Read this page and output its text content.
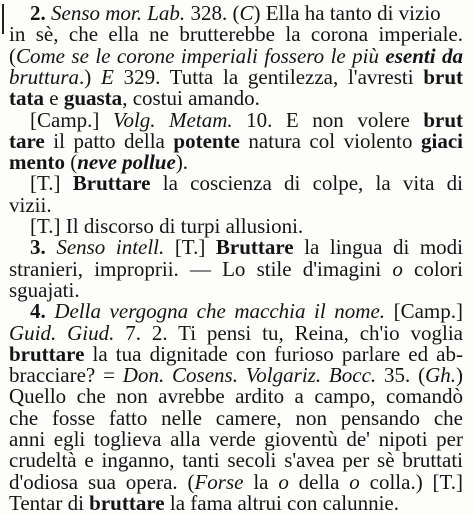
2. Senso mor. Lab. 328. (C) Ella ha tanto di vizio
in sè, che ella ne brutterebbe la corona imperiale.
(Come se le corone imperiali fossero le più esenti da
bruttura.) E 329. Tutta la gentilezza, l'avresti brut
tata e guasta, costui amando.
[Camp.] Volg. Metam. 10. E non volere brut
tare il patto della potente natura col violento giaci
mento (neve pollue).
[T.] Bruttare la coscienza di colpe, la vita di
vizii.
[T.] Il discorso di turpi allusioni.
3. Senso intell. [T.] Bruttare la lingua di modi
stranieri, improprii. — Lo stile d'imagini o colori
sguajati.
4. Della vergogna che macchia il nome. [Camp.]
Guid. Giud. 7. 2. Ti pensi tu, Reina, ch'io voglia
bruttare la tua dignitade con furioso parlare ed ab-
bracciare? = Don. Cosens. Volgariz. Bocc. 35. (Gh.)
Quello che non avrebbe ardito a campo, comandò
che fosse fatto nelle camere, non pensando che
anni egli toglieva alla verde gioventù de' nipoti per
crudeltà e inganno, tanti secoli s'avea per sè bruttati
d'odiosa sua opera. (Forse la o della o colla.) [T.]
Tentar di bruttare la fama altrui con calunnie.
